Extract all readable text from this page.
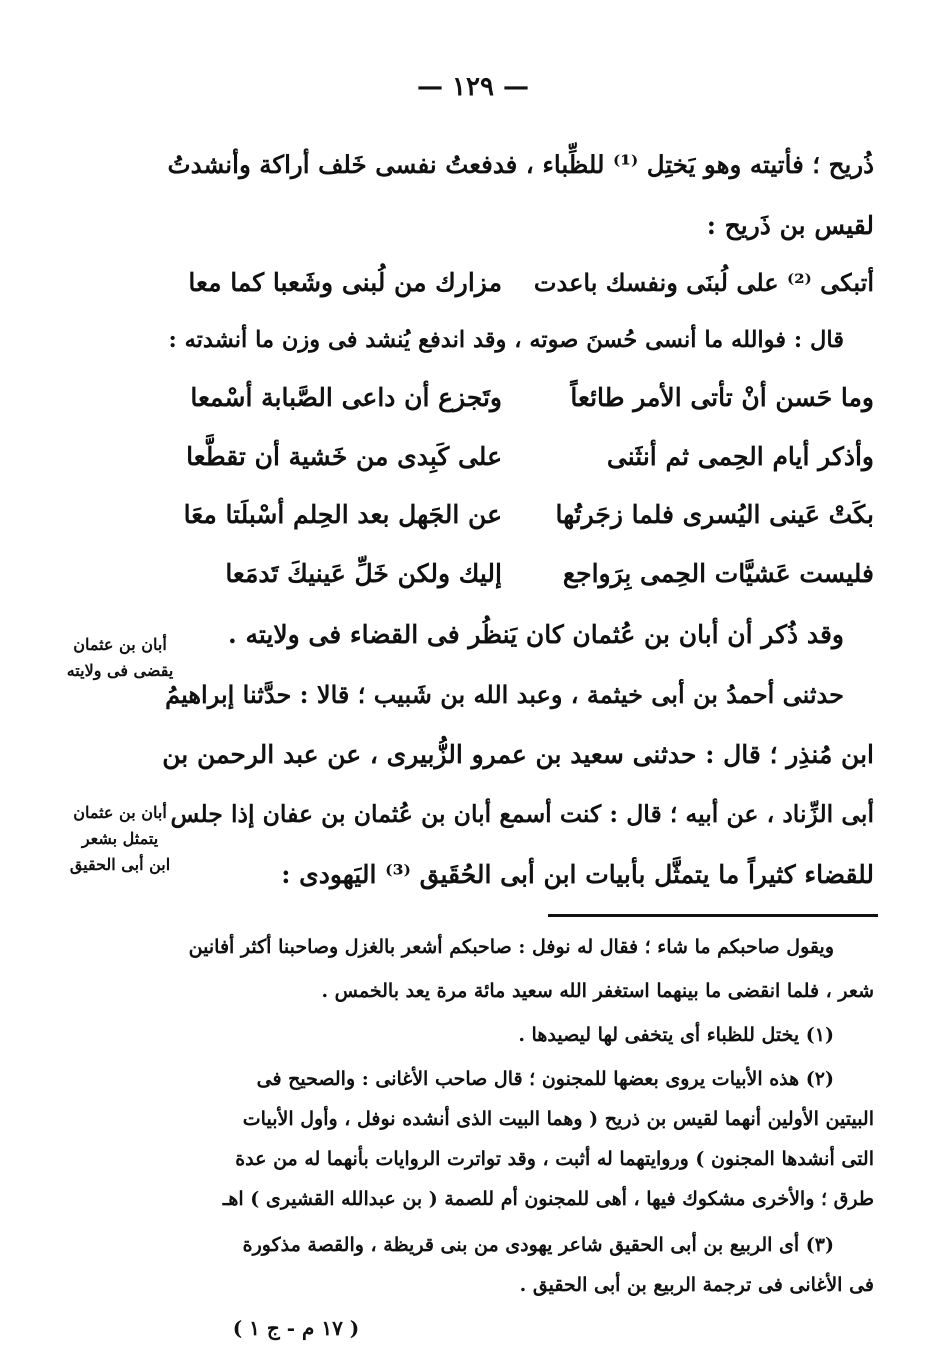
— ١٢٩ —
ذُريح ؛ فأتيته وهو يَختِل ⁽¹⁾ للظِّباء ، فدفعتُ نفسى خَلف أراكة وأنشدتُ
لقيس بن ذَريح :
أتبكى ⁽²⁾ على لُبنَى ونفسك باعدت
مزارك من لُبنى وشَعبا كما معا
قال : فوالله ما أنسى حُسنَ صوته ، وقد اندفع يُنشد فى وزن ما أنشدته :
وما حَسن أنْ تأتى الأمر طائعاً
وتَجزع أن داعى الصَّبابة أسْمعا
وأذكر أيام الحِمى ثم أنثَنى
على كَبِدى من خَشية أن تقطَّعا
بكَتْ عَينى اليُسرى فلما زجَرتُها
عن الجَهل بعد الحِلم أسْبلَتا معَا
فليست عَشيَّات الحِمى بِرَواجع
إليك ولكن خَلِّ عَينيكَ تَدمَعا
وقد ذُكر أن أبان بن عُثمان كان يَنظُر فى القضاء فى ولايته .
حدثنى أحمدُ بن أبى خيثمة ، وعبد الله بن شَبيب ؛ قالا : حدَّثنا إبراهيمُ
ابن مُنذِر ؛ قال : حدثنى سعيد بن عمرو الزُّبيرى ، عن عبد الرحمن بن
أبى الزِّناد ، عن أبيه ؛ قال : كنت أسمع أبان بن عُثمان بن عفان إذا جلس
للقضاء كثيراً ما يتمثَّل بأبيات ابن أبى الحُقَيق ⁽³⁾ اليَهودى :
أبان بن عثمان
يقضى فى ولايته
أبان بن عثمان
يتمثل بشعر
ابن أبى الحقيق
ويقول صاحبكم ما شاء ؛ فقال له نوفل : صاحبكم أشعر بالغزل وصاحبنا أكثر أفانين
شعر ، فلما انقضى ما بينهما استغفر الله سعيد مائة مرة يعد بالخمس .
(١) يختل للظباء أى يتخفى لها ليصيدها .
(٢) هذه الأبيات يروى بعضها للمجنون ؛ قال صاحب الأغانى : والصحيح فى
البيتين الأولين أنهما لقيس بن ذريح ( وهما البيت الذى أنشده نوفل ، وأول الأبيات
التى أنشدها المجنون ) وروايتهما له أثبت ، وقد تواترت الروايات بأنهما له من عدة
طرق ؛ والأخرى مشكوك فيها ، أهى للمجنون أم للصمة ( بن عبدالله القشيرى ) اهـ
(٣) أى الربيع بن أبى الحقيق شاعر يهودى من بنى قريظة ، والقصة مذكورة
فى الأغانى فى ترجمة الربيع بن أبى الحقيق .
( ١٧ م - ج ١ )
